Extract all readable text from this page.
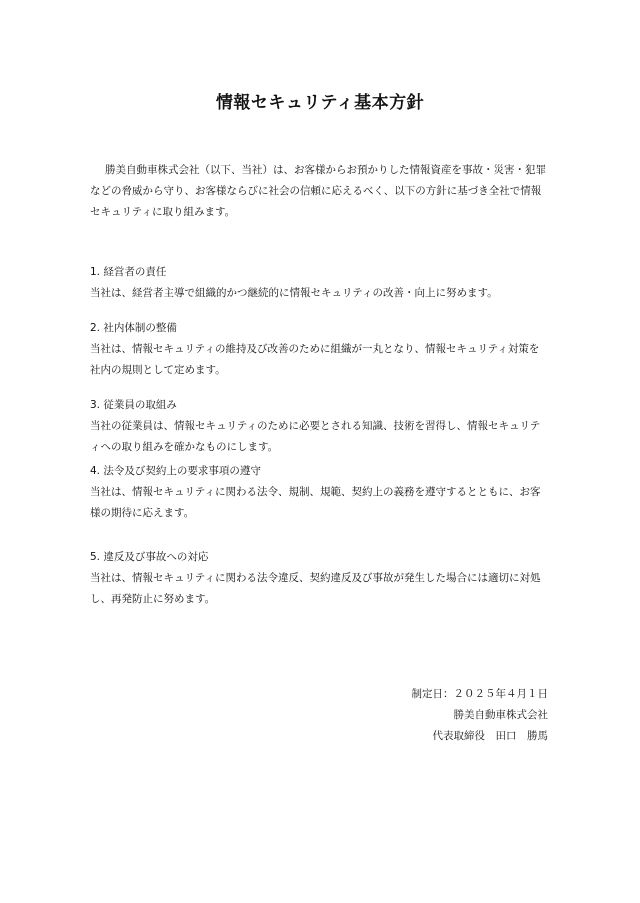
情報セキュリティ基本方針
勝美自動車株式会社（以下、当社）は、お客様からお預かりした情報資産を事故・災害・犯罪
などの脅威から守り、お客様ならびに社会の信頼に応えるべく、以下の方針に基づき全社で情報
セキュリティに取り組みます。
1. 経営者の責任
当社は、経営者主導で組織的かつ継続的に情報セキュリティの改善・向上に努めます。
2. 社内体制の整備
当社は、情報セキュリティの維持及び改善のために組織が一丸となり、情報セキュリティ対策を
社内の規則として定めます。
3. 従業員の取組み
当社の従業員は、情報セキュリティのために必要とされる知識、技術を習得し、情報セキュリテ
ィへの取り組みを確かなものにします。
4. 法令及び契約上の要求事項の遵守
当社は、情報セキュリティに関わる法令、規制、規範、契約上の義務を遵守するとともに、お客
様の期待に応えます。
5. 違反及び事故への対応
当社は、情報セキュリティに関わる法令違反、契約違反及び事故が発生した場合には適切に対処
し、再発防止に努めます。
制定日：２０２５年４月１日
勝美自動車株式会社
代表取締役　田口　勝馬
